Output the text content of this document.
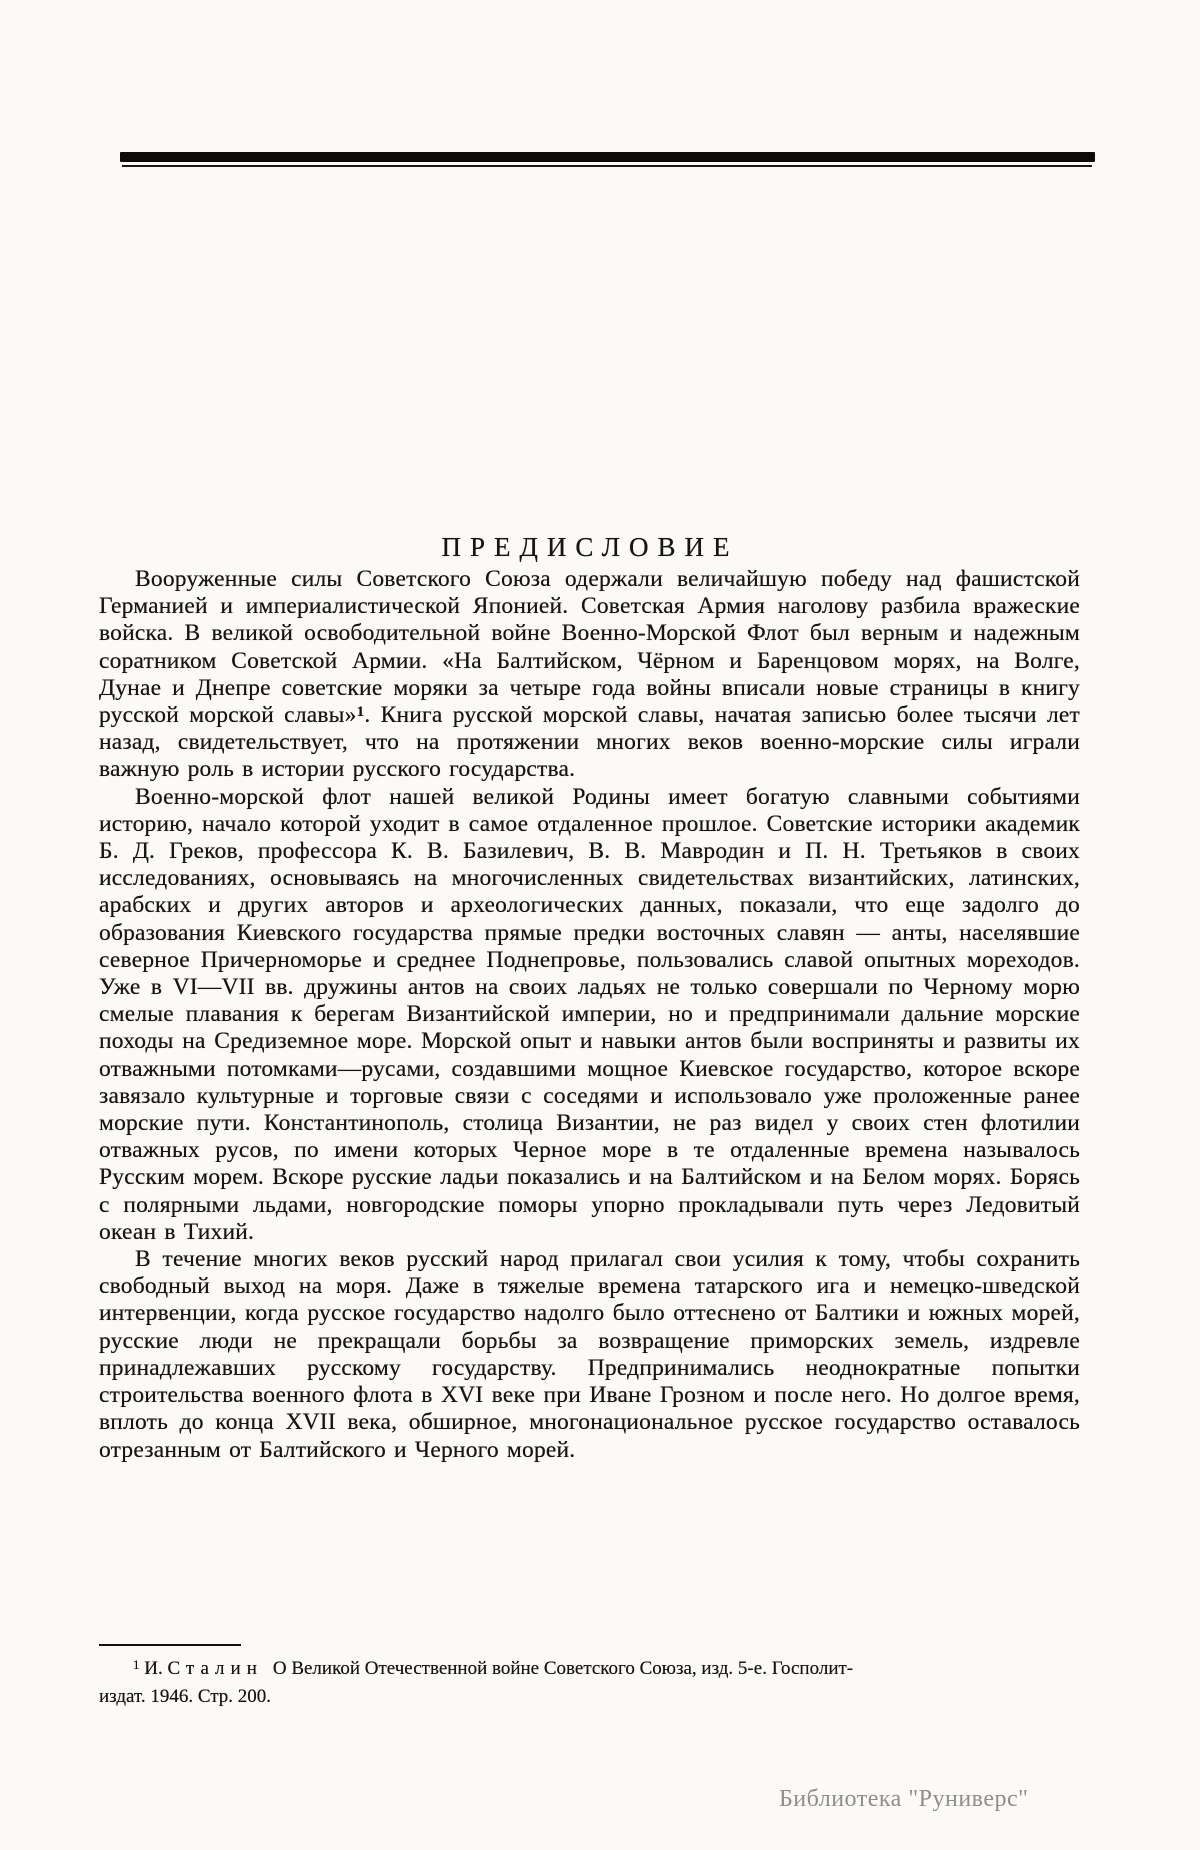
ПРЕДИСЛОВИЕ

Вооруженные силы Советского Союза одержали величайшую победу над фашистской Германией и империалистической Японией. Советская Армия наголову разбила вражеские войска. В великой освободительной войне Военно-Морской Флот был верным и надежным соратником Советской Армии. «На Балтийском, Чёрном и Баренцовом морях, на Волге, Дунае и Днепре советские моряки за четыре года войны вписали новые страницы в книгу русской морской славы»$^1$. Книга русской морской славы, начатая записью более тысячи лет назад, свидетельствует, что на протяжении многих веков военно-морские силы играли важную роль в истории русского государства.

Военно-морской флот нашей великой Родины имеет богатую славными событиями историю, начало которой уходит в самое отдаленное прошлое. Советские историки академик Б. Д. Греков, профессора К. В. Базилевич, В. В. Мавродин и П. Н. Третьяков в своих исследованиях, основываясь на многочисленных свидетельствах византийских, латинских, арабских и других авторов и археологических данных, показали, что еще задолго до образования Киевского государства прямые предки восточных славян — анты, населявшие северное Причерноморье и среднее Поднепровье, пользовались славой опытных мореходов. Уже в VI—VII вв. дружины антов на своих ладьях не только совершали по Черному морю смелые плавания к берегам Византийской империи, но и предпринимали дальние морские походы на Средиземное море. Морской опыт и навыки антов были восприняты и развиты их отважными потомками—русами, создавшими мощное Киевское государство, которое вскоре завязало культурные и торговые связи с соседями и использовало уже проложенные ранее морские пути. Константинополь, столица Византии, не раз видел у своих стен флотилии отважных русов, по имени которых Черное море в те отдаленные времена называлось Русским морем. Вскоре русские ладьи показались и на Балтийском и на Белом морях. Борясь с полярными льдами, новгородские поморы упорно прокладывали путь через Ледовитый океан в Тихий.

В течение многих веков русский народ прилагал свои усилия к тому, чтобы сохранить свободный выход на моря. Даже в тяжелые времена татарского ига и немецко-шведской интервенции, когда русское государство надолго было оттеснено от Балтики и южных морей, русские люди не прекращали борьбы за возвращение приморских земель, издревле принадлежавших русскому государству. Предпринимались неоднократные попытки строительства военного флота в XVI веке при Иване Грозном и после него. Но долгое время, вплоть до конца XVII века, обширное, многонациональное русское государство оставалось отрезанным от Балтийского и Черного морей.

$^1$ И. Сталин О Великой Отечественной войне Советского Союза, изд. 5-е. Госполит-
издат. 1946. Стр. 200.
Библиотека "Руниверс"
